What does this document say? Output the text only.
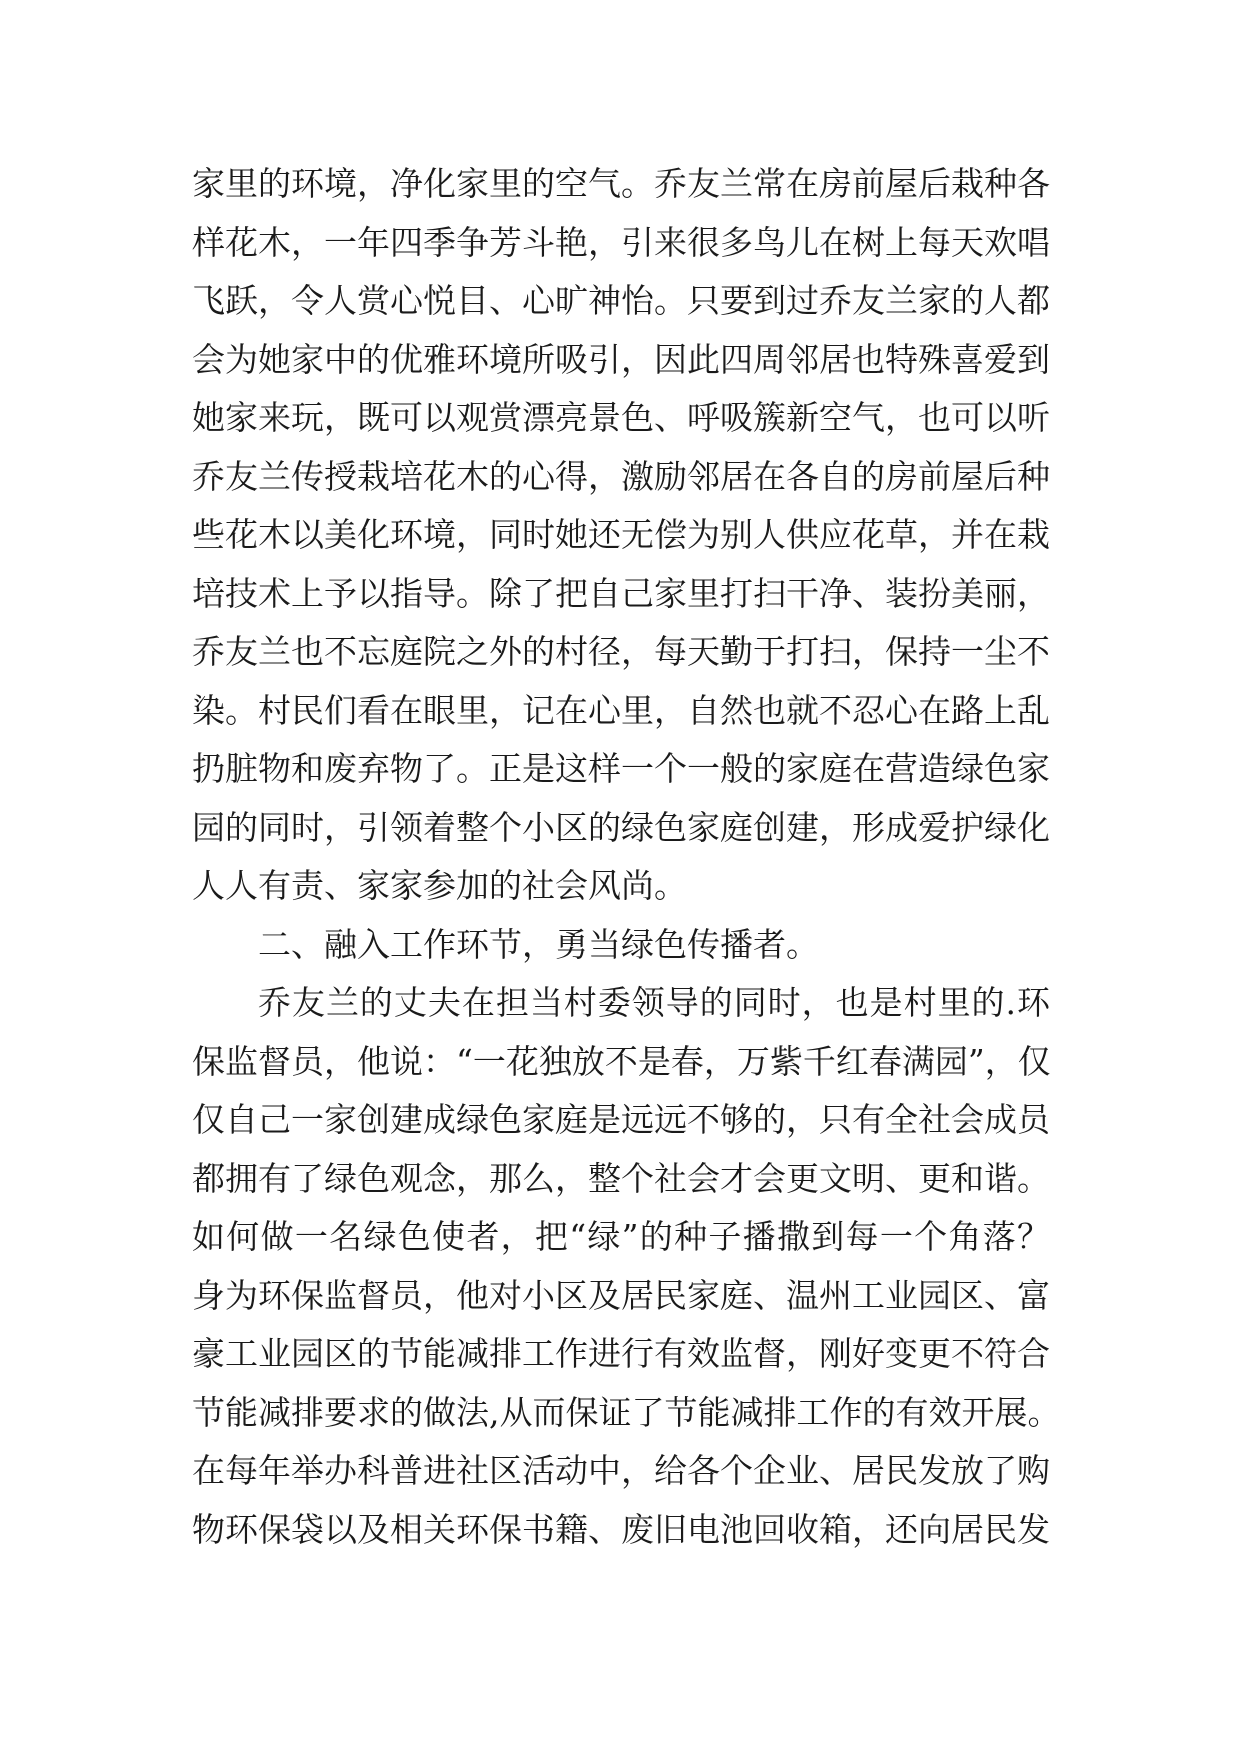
家里的环境，净化家里的空气。乔友兰常在房前屋后栽种各
样花木，一年四季争芳斗艳，引来很多鸟儿在树上每天欢唱
飞跃，令人赏心悦目、心旷神怡。只要到过乔友兰家的人都
会为她家中的优雅环境所吸引，因此四周邻居也特殊喜爱到
她家来玩，既可以观赏漂亮景色、呼吸簇新空气，也可以听
乔友兰传授栽培花木的心得，激励邻居在各自的房前屋后种
些花木以美化环境，同时她还无偿为别人供应花草，并在栽
培技术上予以指导。除了把自己家里打扫干净、装扮美丽，
乔友兰也不忘庭院之外的村径，每天勤于打扫，保持一尘不
染。村民们看在眼里，记在心里，自然也就不忍心在路上乱
扔脏物和废弃物了。正是这样一个一般的家庭在营造绿色家
园的同时，引领着整个小区的绿色家庭创建，形成爱护绿化
人人有责、家家参加的社会风尚。
二、融入工作环节，勇当绿色传播者。
乔友兰的丈夫在担当村委领导的同时，也是村里的.环
保监督员，他说：“一花独放不是春，万紫千红春满园”，仅
仅自己一家创建成绿色家庭是远远不够的，只有全社会成员
都拥有了绿色观念，那么，整个社会才会更文明、更和谐。
如何做一名绿色使者，把“绿”的种子播撒到每一个角落？
身为环保监督员，他对小区及居民家庭、温州工业园区、富
豪工业园区的节能减排工作进行有效监督，刚好变更不符合
节能减排要求的做法,从而保证了节能减排工作的有效开展。
在每年举办科普进社区活动中，给各个企业、居民发放了购
物环保袋以及相关环保书籍、废旧电池回收箱，还向居民发
